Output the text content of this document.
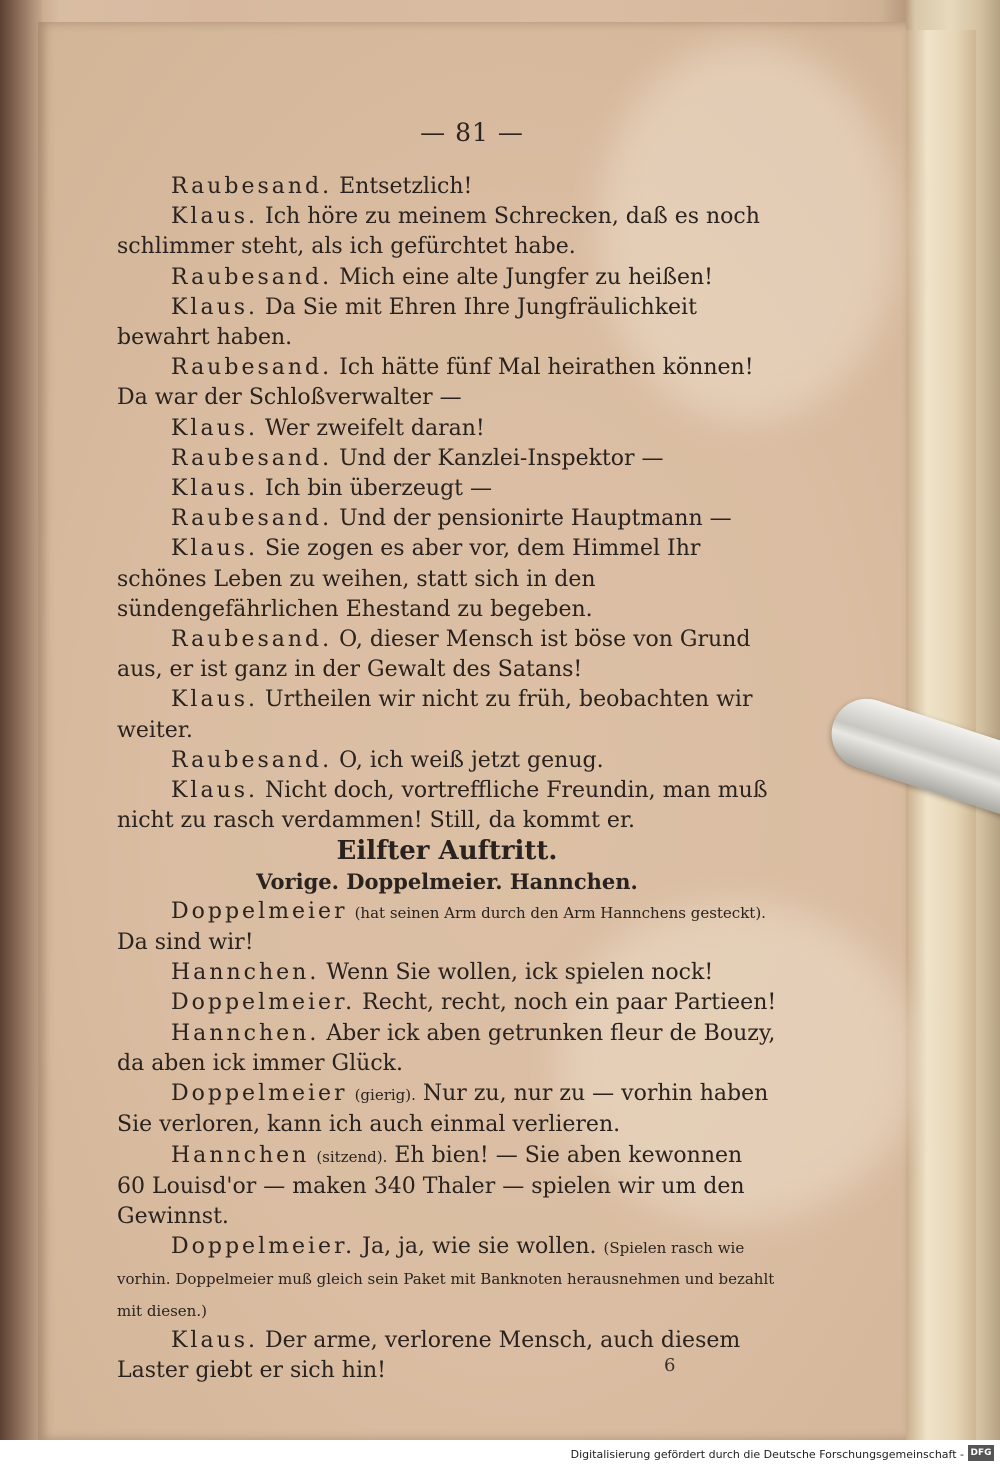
— 81 —

Raubesand. Entsetzlich!

Klaus. Ich höre zu meinem Schrecken, daß es noch schlimmer steht, als ich gefürchtet habe.

Raubesand. Mich eine alte Jungfer zu heißen!

Klaus. Da Sie mit Ehren Ihre Jungfräulichkeit bewahrt haben.

Raubesand. Ich hätte fünf Mal heirathen können! Da war der Schloßverwalter —

Klaus. Wer zweifelt daran!

Raubesand. Und der Kanzlei-Inspektor —

Klaus. Ich bin überzeugt —

Raubesand. Und der pensionirte Hauptmann —

Klaus. Sie zogen es aber vor, dem Himmel Ihr schönes Leben zu weihen, statt sich in den sündengefährlichen Ehestand zu begeben.

Raubesand. O, dieser Mensch ist böse von Grund aus, er ist ganz in der Gewalt des Satans!

Klaus. Urtheilen wir nicht zu früh, beobachten wir weiter.

Raubesand. O, ich weiß jetzt genug.

Klaus. Nicht doch, vortreffliche Freundin, man muß nicht zu rasch verdammen! Still, da kommt er.

Eilfter Auftritt.

Vorige. Doppelmeier. Hannchen.

Doppelmeier (hat seinen Arm durch den Arm Hannchens gesteckt). Da sind wir!

Hannchen. Wenn Sie wollen, ick spielen nock!

Doppelmeier. Recht, recht, noch ein paar Partieen!

Hannchen. Aber ick aben getrunken fleur de Bouzy, da aben ick immer Glück.

Doppelmeier (gierig). Nur zu, nur zu — vorhin haben Sie verloren, kann ich auch einmal verlieren.

Hannchen (sitzend). Eh bien! — Sie aben kewonnen 60 Louisd'or — maken 340 Thaler — spielen wir um den Gewinnst.

Doppelmeier. Ja, ja, wie sie wollen. (Spielen rasch wie vorhin. Doppelmeier muß gleich sein Paket mit Banknoten herausnehmen und bezahlt mit diesen.)

Klaus. Der arme, verlorene Mensch, auch diesem Laster giebt er sich hin!	6
Digitalisierung gefördert durch die Deutsche Forschungsgemeinschaft - DFG
